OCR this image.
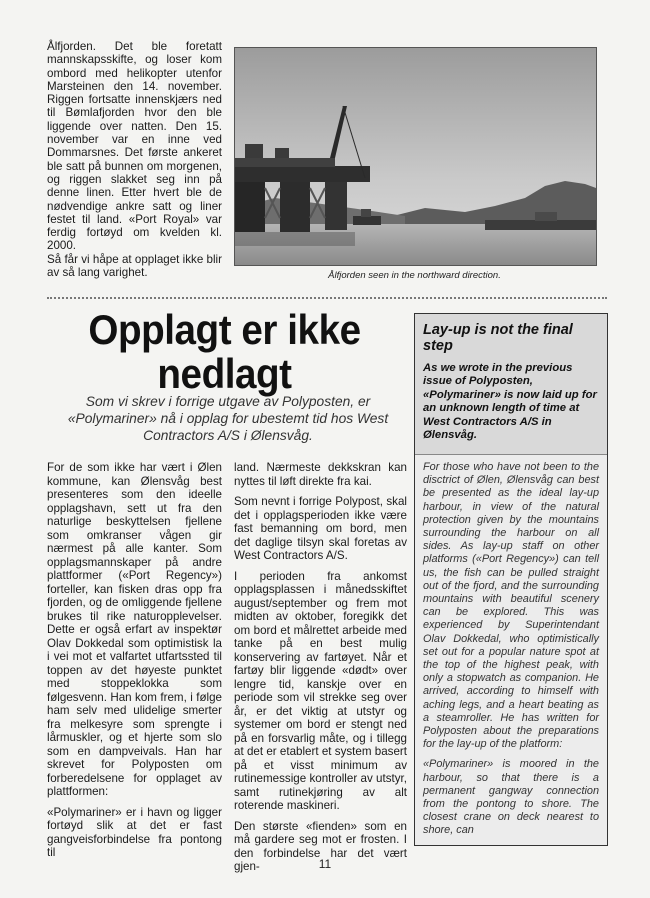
Ålfjorden. Det ble foretatt mannskapsskifte, og loser kom ombord med helikopter utenfor Marsteinen den 14. november. Riggen fortsatte innenskjærs ned til Bømlafjorden hvor den ble liggende over natten. Den 15. november var en inne ved Dommarsnes. Det første ankeret ble satt på bunnen om morgenen, og riggen slakket seg inn på denne linen. Etter hvert ble de nødvendige ankre satt og liner festet til land. «Port Royal» var ferdig fortøyd om kvelden kl. 2000.

Så får vi håpe at opplaget ikke blir av så lang varighet.	Ålfjorden seen in the northward direction.
Opplagt er ikke nedlagt
Som vi skrev i forrige utgave av Polyposten, er «Polymariner» nå i opplag for ubestemt tid hos West Contractors A/S i Ølensvåg.

For de som ikke har vært i Ølen kommune, kan Ølensvåg best presenteres som den ideelle opplagshavn, sett ut fra den naturlige beskyttelsen fjellene som omkranser vågen gir nærmest på alle kanter. Som opplagsmannskaper på andre plattformer («Port Regency») forteller, kan fisken dras opp fra fjorden, og de omliggende fjellene brukes til rike naturopplevelser. Dette er også erfart av inspektør Olav Dokkedal som optimistisk la i vei mot et valfartet utfartssted til toppen av det høyeste punktet med stoppeklokka som følgesvenn. Han kom frem, i følge ham selv med ulidelige smerter fra melkesyre som sprengte i lårmuskler, og et hjerte som slo som en dampveivals. Han har skrevet for Polyposten om forberedelsene for opplaget av plattformen:

«Polymariner» er i havn og ligger fortøyd slik at det er fast gangveisforbindelse fra pontong til

land. Nærmeste dekkskran kan nyttes til løft direkte fra kai.

Som nevnt i forrige Polypost, skal det i opplagsperioden ikke være fast bemanning om bord, men det daglige tilsyn skal foretas av West Contractors A/S.

I perioden fra ankomst opplagsplassen i månedsskiftet august/september og frem mot midten av oktober, foregikk det om bord et målrettet arbeide med tanke på en best mulig konservering av fartøyet. Når et fartøy blir liggende «dødt» over lengre tid, kanskje over en periode som vil strekke seg over år, er det viktig at utstyr og systemer om bord er stengt ned på en forsvarlig måte, og i tillegg at det er etablert et system basert på et visst minimum av rutinemessige kontroller av utstyr, samt rutinekjøring av alt roterende maskineri.

Den største «fienden» som en må gardere seg mot er frosten. I den forbindelse har det vært gjen-

Lay-up is not the final step
As we wrote in the previous issue of Polyposten, «Polymariner» is now laid up for an unknown length of time at West Contractors A/S in Ølensvåg.

For those who have not been to the disctrict of Ølen, Ølensvåg can best be presented as the ideal lay-up harbour, in view of the natural protection given by the mountains surrounding the harbour on all sides. As lay-up staff on other platforms («Port Regency») can tell us, the fish can be pulled straight out of the fjord, and the surrounding mountains with beautiful scenery can be explored. This was experienced by Superintendant Olav Dokkedal, who optimistically set out for a popular nature spot at the top of the highest peak, with only a stopwatch as companion. He arrived, according to himself with aching legs, and a heart beating as a steamroller. He has written for Polyposten about the preparations for the lay-up of the platform:

«Polymariner» is moored in the harbour, so that there is a permanent gangway connection from the pontong to shore. The closest crane on deck nearest to shore, can

11
